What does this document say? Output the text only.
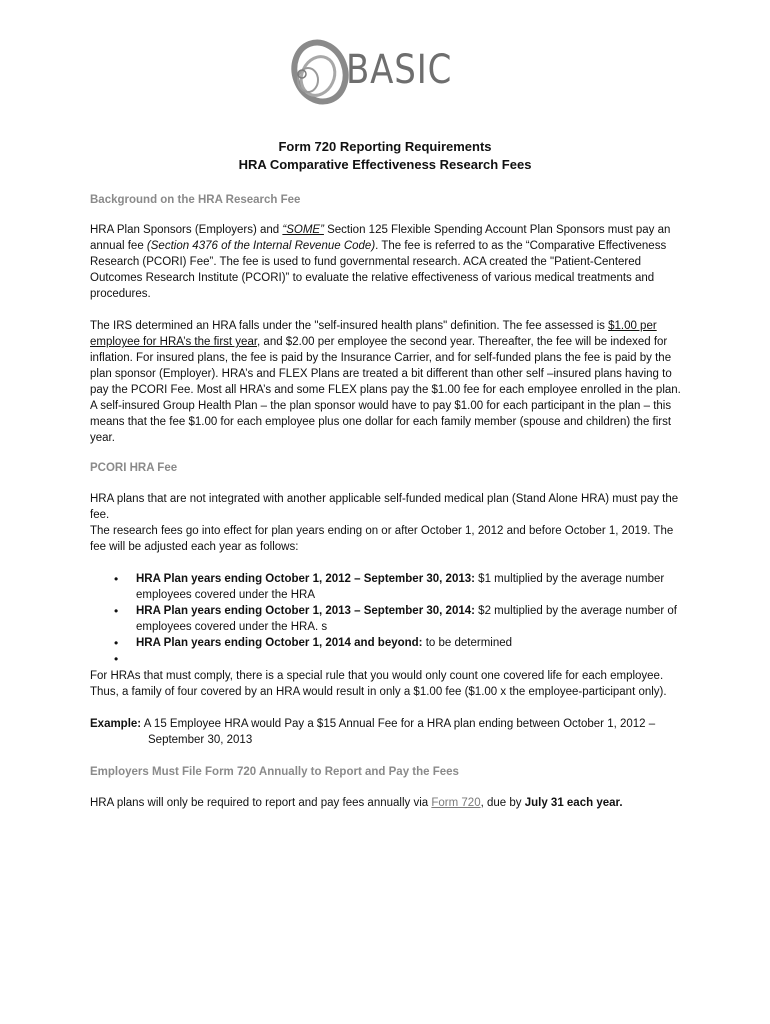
BASIC
Form 720 Reporting Requirements
HRA Comparative Effectiveness Research Fees
Background on the HRA Research Fee

HRA Plan Sponsors (Employers) and “SOME” Section 125 Flexible Spending Account Plan Sponsors must pay an annual fee (Section 4376 of the Internal Revenue Code). The fee is referred to as the “Comparative Effectiveness Research (PCORI) Fee”. The fee is used to fund governmental research. ACA created the "Patient-Centered Outcomes Research Institute (PCORI)” to evaluate the relative effectiveness of various medical treatments and procedures.

The IRS determined an HRA falls under the "self-insured health plans" definition. The fee assessed is $1.00 per employee for HRA’s the first year, and $2.00 per employee the second year. Thereafter, the fee will be indexed for inflation. For insured plans, the fee is paid by the Insurance Carrier, and for self-funded plans the fee is paid by the plan sponsor (Employer). HRA’s and FLEX Plans are treated a bit different than other self –insured plans having to pay the PCORI Fee. Most all HRA’s and some FLEX plans pay the $1.00 fee for each employee enrolled in the plan. A self-insured Group Health Plan – the plan sponsor would have to pay $1.00 for each participant in the plan – this means that the fee $1.00 for each employee plus one dollar for each family member (spouse and children) the first year.

PCORI HRA Fee
HRA plans that are not integrated with another applicable self-funded medical plan (Stand Alone HRA) must pay the fee.
The research fees go into effect for plan years ending on or after October 1, 2012 and before October 1, 2019. The fee will be adjusted each year as follows:
• HRA Plan years ending October 1, 2012 – September 30, 2013: $1 multiplied by the average number employees covered under the HRA
• HRA Plan years ending October 1, 2013 – September 30, 2014: $2 multiplied by the average number of employees covered under the HRA. s
• HRA Plan years ending October 1, 2014 and beyond: to be determined
•
For HRAs that must comply, there is a special rule that you would only count one covered life for each employee. Thus, a family of four covered by an HRA would result in only a $1.00 fee ($1.00 x the employee-participant only).

Example: A 15 Employee HRA would Pay a $15 Annual Fee for a HRA plan ending between October 1, 2012 –

September 30, 2013

Employers Must File Form 720 Annually to Report and Pay the Fees

HRA plans will only be required to report and pay fees annually via Form 720, due by July 31 each year.
